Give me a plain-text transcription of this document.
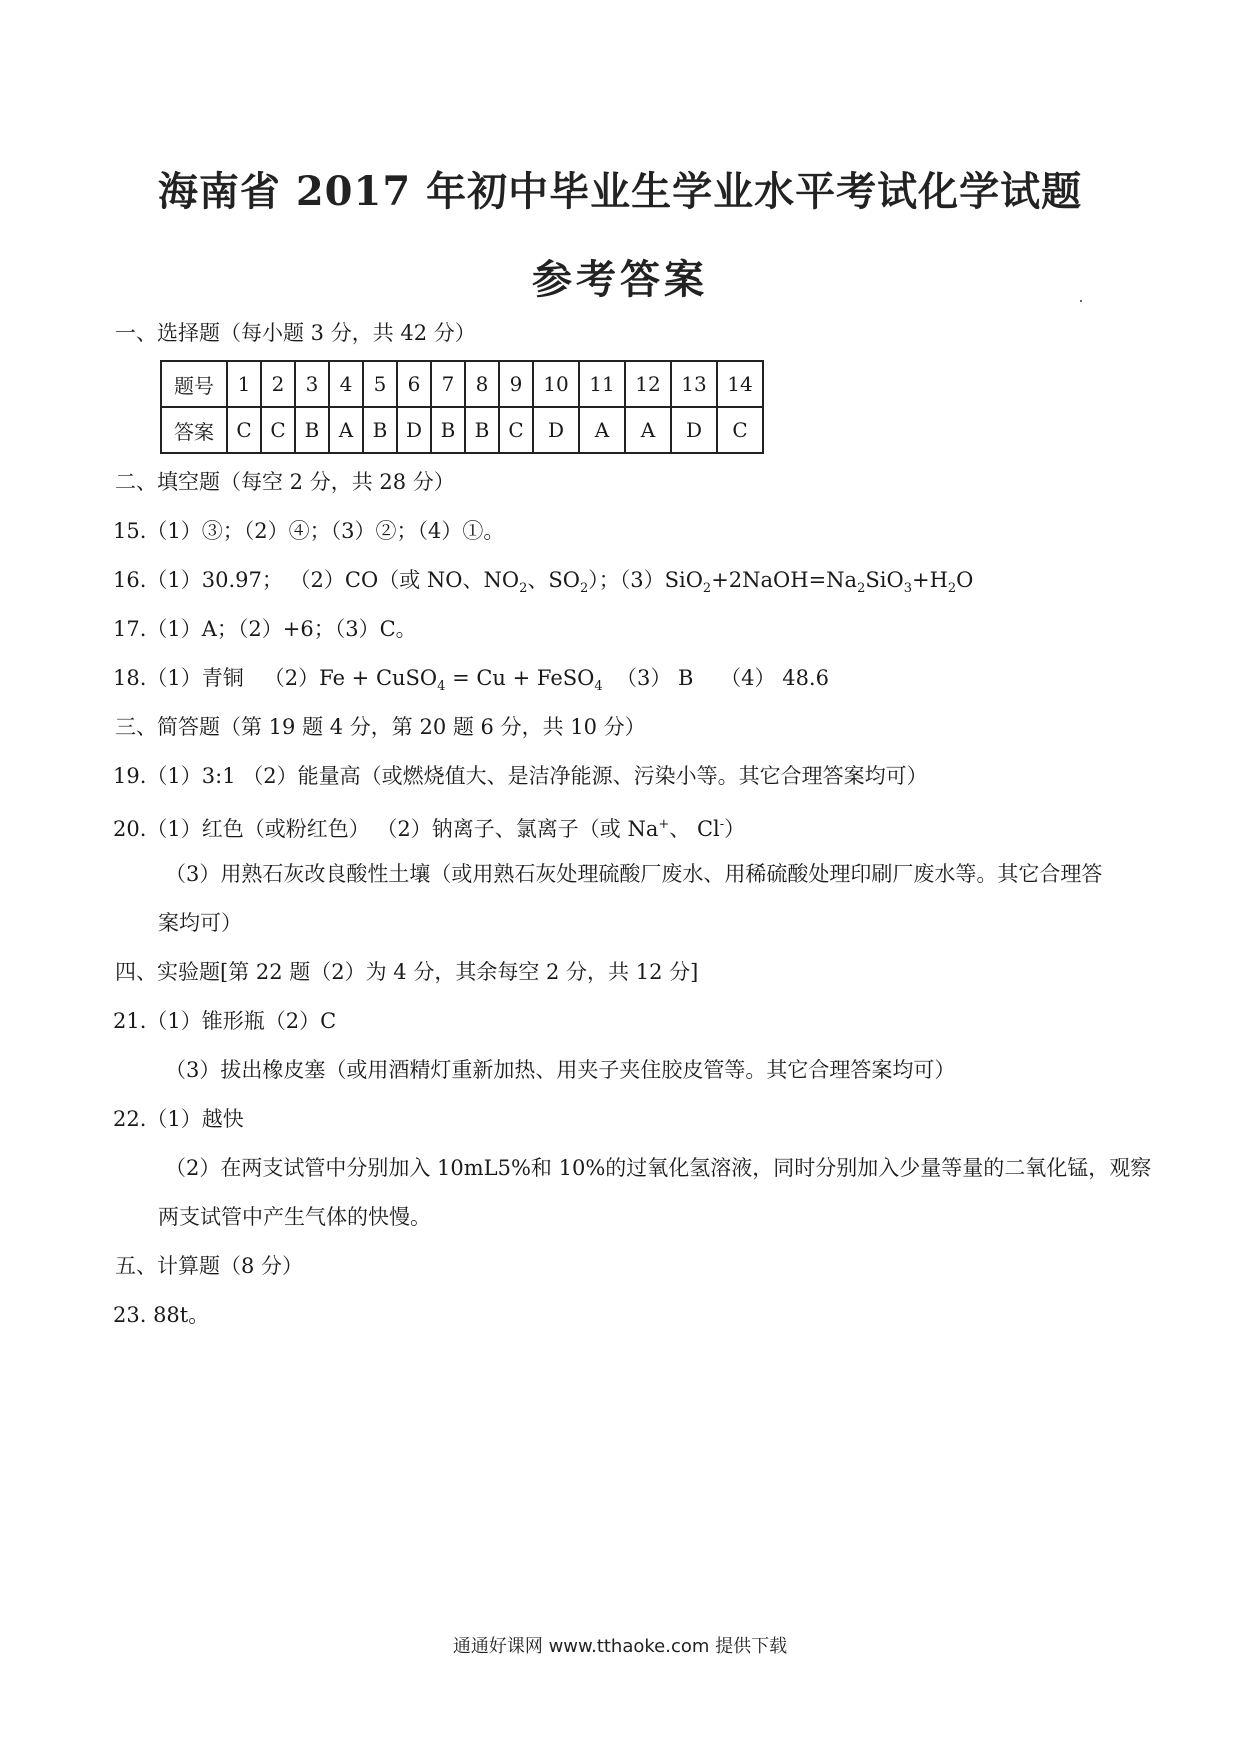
海南省 2017 年初中毕业生学业水平考试化学试题
参考答案
一、选择题（每小题 3 分，共 42 分）
题号	1	2	3	4	5	6	7	8	9	10	11	12	13	14
答案	C	C	B	A	B	D	B	B	C	D	A	A	D	C
二、填空题（每空 2 分，共 28 分）
15.（1）③；（2）④；（3）②；（4）①。
16.（1）30.97； （2）CO（或 NO、$NO_2$、$SO_2$）；$(3)SiO_2+2NaOH=Na_2SiO_3+H_2O$
17.（1）A；（2）+6；（3）C。
18.（1）青铜   （2）Fe + CuSO$_4$ = Cu + FeSO$_4$  （3） B    （4） 48.6
三、简答题（第 19 题 4 分，第 20 题 6 分，共 10 分）
19.（1）3:1 （2）能量高（或燃烧值大、是洁净能源、污染小等。其它合理答案均可）
20.（1）红色（或粉红色） （2）钠离子、氯离子（或 Na+、 Cl-）
（3）用熟石灰改良酸性土壤（或用熟石灰处理硫酸厂废水、用稀硫酸处理印刷厂废水等。其它合理答
案均可）
四、实验题[第 22 题（2）为 4 分，其余每空 2 分，共 12 分]
21.（1）锥形瓶（2）C
（3）拔出橡皮塞（或用酒精灯重新加热、用夹子夹住胶皮管等。其它合理答案均可）
22.（1）越快
（2）在两支试管中分别加入 10mL5%和 10%的过氧化氢溶液，同时分别加入少量等量的二氧化锰，观察
两支试管中产生气体的快慢。
五、计算题（8 分）
23. 88t。
通通好课网 www.tthaoke.com 提供下载
